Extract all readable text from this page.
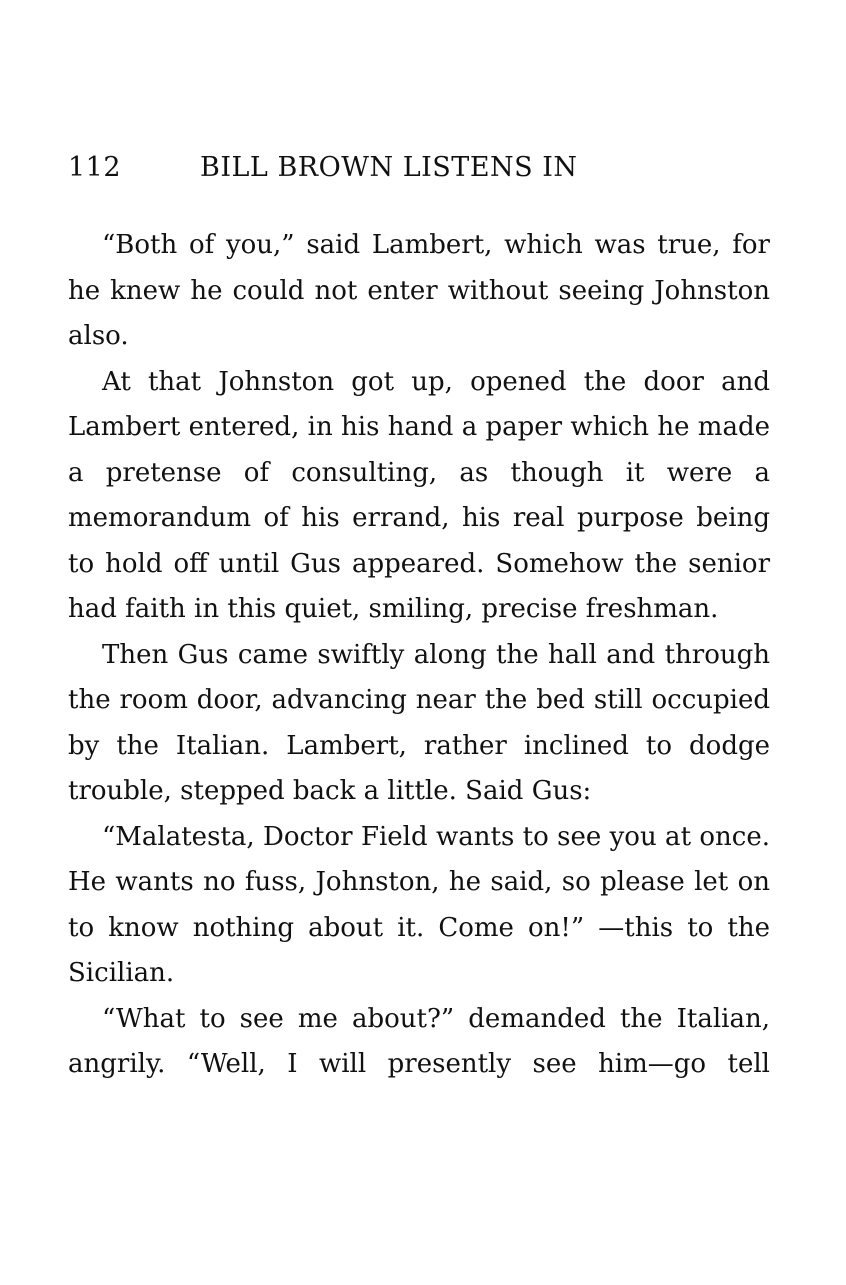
112	BILL BROWN LISTENS IN

“Both of you,” said Lambert, which was true, for he knew he could not enter without seeing Johnston also.

At that Johnston got up, opened the door and Lambert entered, in his hand a paper which he made a pretense of consulting, as though it were a memorandum of his errand, his real purpose being to hold off until Gus appeared. Somehow the senior had faith in this quiet, smiling, precise freshman.

Then Gus came swiftly along the hall and through the room door, advancing near the bed still occupied by the Italian. Lambert, rather inclined to dodge trouble, stepped back a little. Said Gus:

“Malatesta, Doctor Field wants to see you at once. He wants no fuss, Johnston, he said, so please let on to know nothing about it. Come on!” —this to the Sicilian.

“What to see me about?” demanded the Italian, angrily. “Well, I will presently see him—go tell
